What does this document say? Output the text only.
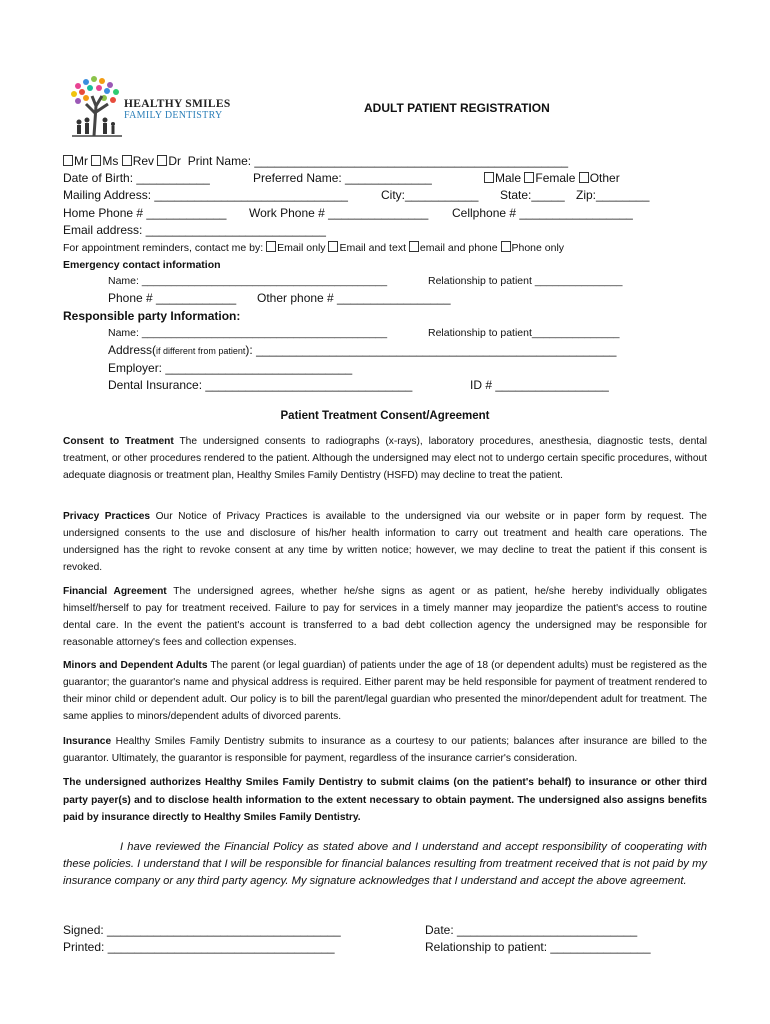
HEALTHY SMILES
FAMILY DENTISTRY
ADULT PATIENT REGISTRATION
Mr Ms Rev Dr Print Name: _______________________________________________
Date of Birth: ___________	Preferred Name: _____________	Male Female Other
Mailing Address: _____________________________	City:___________ State:_____ Zip:________
Home Phone # ____________ Work Phone # _______________ Cellphone # _________________
Email address: ___________________________
For appointment reminders, contact me by: Email only Email and text email and phone Phone only
Emergency contact information
Name: __________________________________________	Relationship to patient _______________
Phone # ____________ Other phone # _________________
Responsible party Information:
Name: __________________________________________	Relationship to patient_______________
Address(if different from patient): ______________________________________________________
Employer: ____________________________
Dental Insurance: _______________________________	ID # _________________
Patient Treatment Consent/Agreement
Consent to Treatment The undersigned consents to radiographs (x-rays), laboratory procedures, anesthesia, diagnostic tests, dental treatment, or other procedures rendered to the patient. Although the undersigned may elect not to undergo certain specific procedures, without adequate diagnosis or treatment plan, Healthy Smiles Family Dentistry (HSFD) may decline to treat the patient.
Privacy Practices Our Notice of Privacy Practices is available to the undersigned via our website or in paper form by request. The undersigned consents to the use and disclosure of his/her health information to carry out treatment and health care operations. The undersigned has the right to revoke consent at any time by written notice; however, we may decline to treat the patient if this consent is revoked.
Financial Agreement The undersigned agrees, whether he/she signs as agent or as patient, he/she hereby individually obligates himself/herself to pay for treatment received. Failure to pay for services in a timely manner may jeopardize the patient's access to routine dental care. In the event the patient's account is transferred to a bad debt collection agency the undersigned may be responsible for reasonable attorney's fees and collection expenses.
Minors and Dependent Adults The parent (or legal guardian) of patients under the age of 18 (or dependent adults) must be registered as the guarantor; the guarantor's name and physical address is required. Either parent may be held responsible for payment of treatment rendered to their minor child or dependent adult. Our policy is to bill the parent/legal guardian who presented the minor/dependent adult for treatment. The same applies to minors/dependent adults of divorced parents.
Insurance Healthy Smiles Family Dentistry submits to insurance as a courtesy to our patients; balances after insurance are billed to the guarantor. Ultimately, the guarantor is responsible for payment, regardless of the insurance carrier's consideration.
The undersigned authorizes Healthy Smiles Family Dentistry to submit claims (on the patient's behalf) to insurance or other third party payer(s) and to disclose health information to the extent necessary to obtain payment. The undersigned also assigns benefits paid by insurance directly to Healthy Smiles Family Dentistry.
I have reviewed the Financial Policy as stated above and I understand and accept responsibility of cooperating with these policies. I understand that I will be responsible for financial balances resulting from treatment received that is not paid by my insurance company or any third party agency. My signature acknowledges that I understand and accept the above agreement.
Signed: ___________________________________	Date: ___________________________
Printed: __________________________________	Relationship to patient: _______________
